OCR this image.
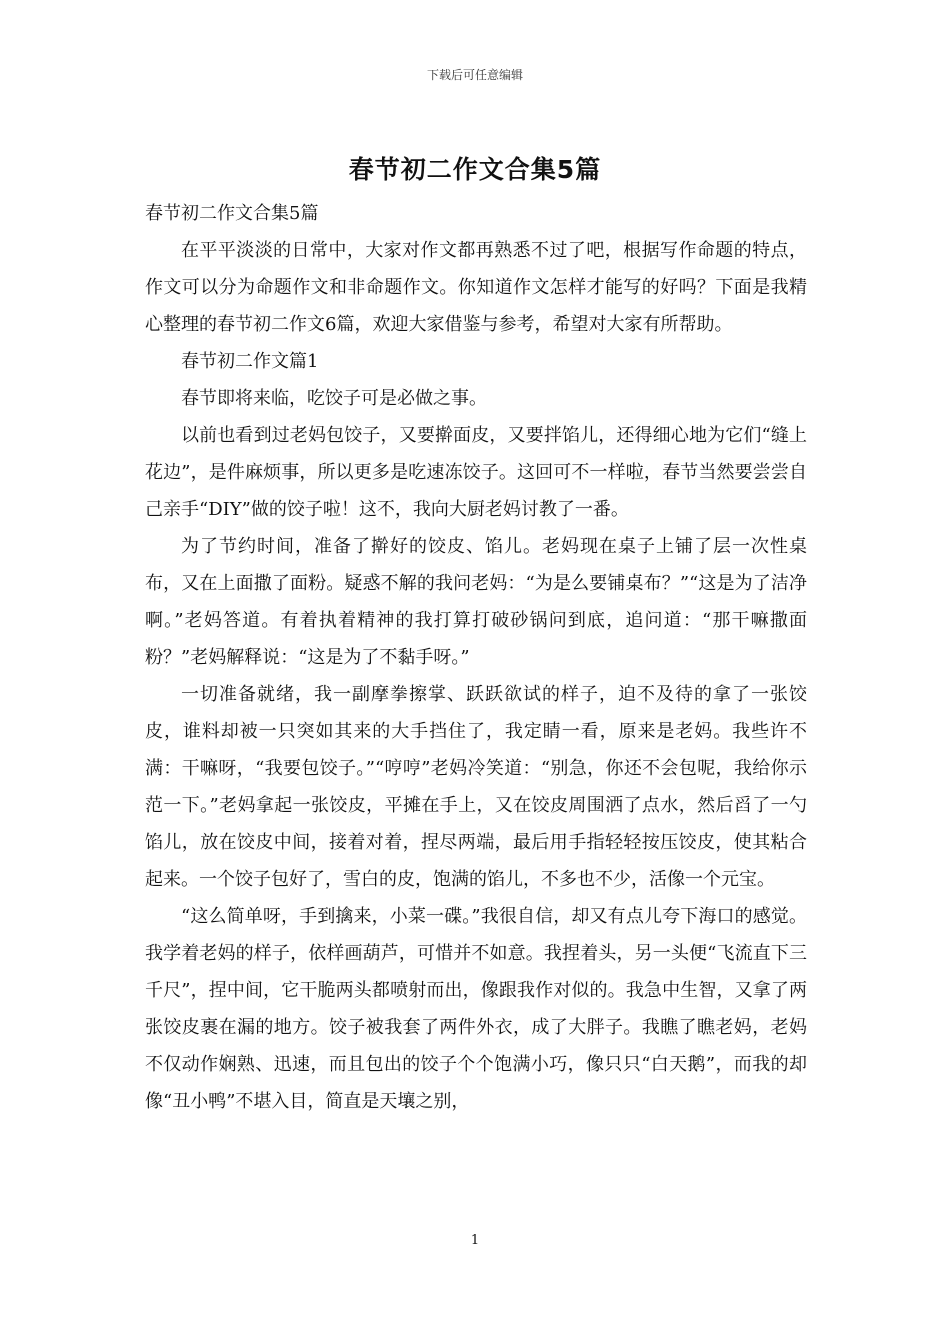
下载后可任意编辑
春节初二作文合集5篇

春节初二作文合集5篇

在平平淡淡的日常中，大家对作文都再熟悉不过了吧，根据写作命题的特点，作文可以分为命题作文和非命题作文。你知道作文怎样才能写的好吗？下面是我精心整理的春节初二作文6篇，欢迎大家借鉴与参考，希望对大家有所帮助。

春节初二作文篇1

春节即将来临，吃饺子可是必做之事。

以前也看到过老妈包饺子，又要擀面皮，又要拌馅儿，还得细心地为它们“缝上花边”，是件麻烦事，所以更多是吃速冻饺子。这回可不一样啦，春节当然要尝尝自己亲手“DIY”做的饺子啦！这不，我向大厨老妈讨教了一番。

为了节约时间，准备了擀好的饺皮、馅儿。老妈现在桌子上铺了层一次性桌布，又在上面撒了面粉。疑惑不解的我问老妈：“为是么要铺桌布？”“这是为了洁净啊。”老妈答道。有着执着精神的我打算打破砂锅问到底，追问道：“那干嘛撒面粉？”老妈解释说：“这是为了不黏手呀。”

一切准备就绪，我一副摩拳擦掌、跃跃欲试的样子，迫不及待的拿了一张饺皮，谁料却被一只突如其来的大手挡住了，我定睛一看，原来是老妈。我些许不满：干嘛呀，“我要包饺子。”“哼哼”老妈冷笑道：“别急，你还不会包呢，我给你示范一下。”老妈拿起一张饺皮，平摊在手上，又在饺皮周围洒了点水，然后舀了一勺馅儿，放在饺皮中间，接着对着，捏尽两端，最后用手指轻轻按压饺皮，使其粘合起来。一个饺子包好了，雪白的皮，饱满的馅儿，不多也不少，活像一个元宝。

“这么简单呀，手到擒来，小菜一碟。”我很自信，却又有点儿夸下海口的感觉。我学着老妈的样子，依样画葫芦，可惜并不如意。我捏着头，另一头便“飞流直下三千尺”，捏中间，它干脆两头都喷射而出，像跟我作对似的。我急中生智，又拿了两张饺皮裹在漏的地方。饺子被我套了两件外衣，成了大胖子。我瞧了瞧老妈，老妈不仅动作娴熟、迅速，而且包出的饺子个个饱满小巧，像只只“白天鹅”，而我的却像“丑小鸭”不堪入目，简直是天壤之别，

1
